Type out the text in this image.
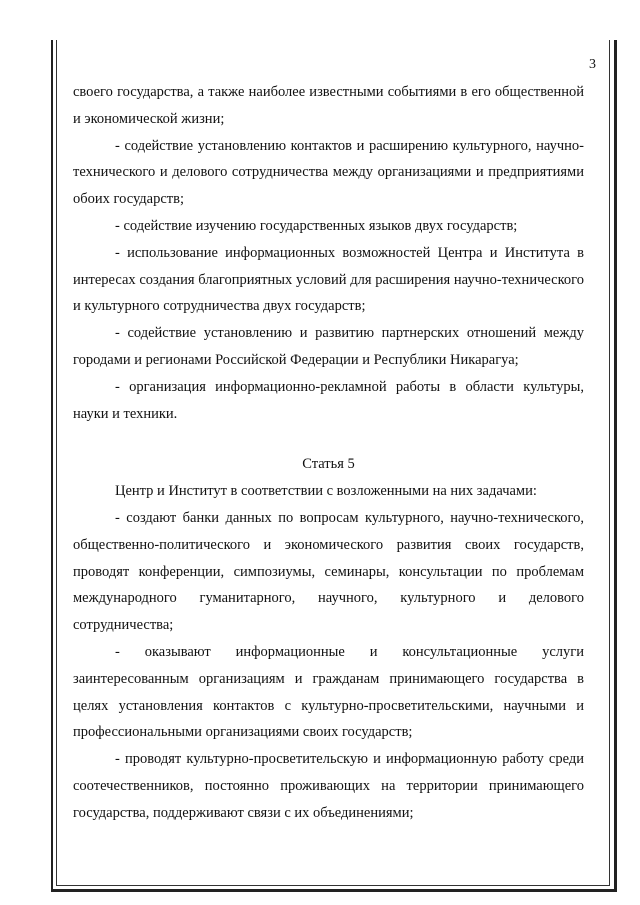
3

своего государства, а также наиболее известными событиями в его общественной и экономической жизни;

- содействие установлению контактов и расширению культурного, научно-технического и делового сотрудничества между организациями и предприятиями обоих государств;

- содействие изучению государственных языков двух государств;

- использование информационных возможностей Центра и Института в интересах создания благоприятных условий для расширения научно-технического и культурного сотрудничества двух государств;

- содействие установлению и развитию партнерских отношений между городами и регионами Российской Федерации и Республики Никарагуа;

- организация информационно-рекламной работы в области культуры, науки и техники.

Статья 5

Центр и Институт в соответствии с возложенными на них задачами:

- создают банки данных по вопросам культурного, научно-технического, общественно-политического и экономического развития своих государств, проводят конференции, симпозиумы, семинары, консультации по проблемам международного гуманитарного, научного, культурного и делового сотрудничества;

- оказывают информационные и консультационные услуги заинтересованным организациям и гражданам принимающего государства в целях установления контактов с культурно-просветительскими, научными и профессиональными организациями своих государств;

- проводят культурно-просветительскую и информационную работу среди соотечественников, постоянно проживающих на территории принимающего государства, поддерживают связи с их объединениями;
